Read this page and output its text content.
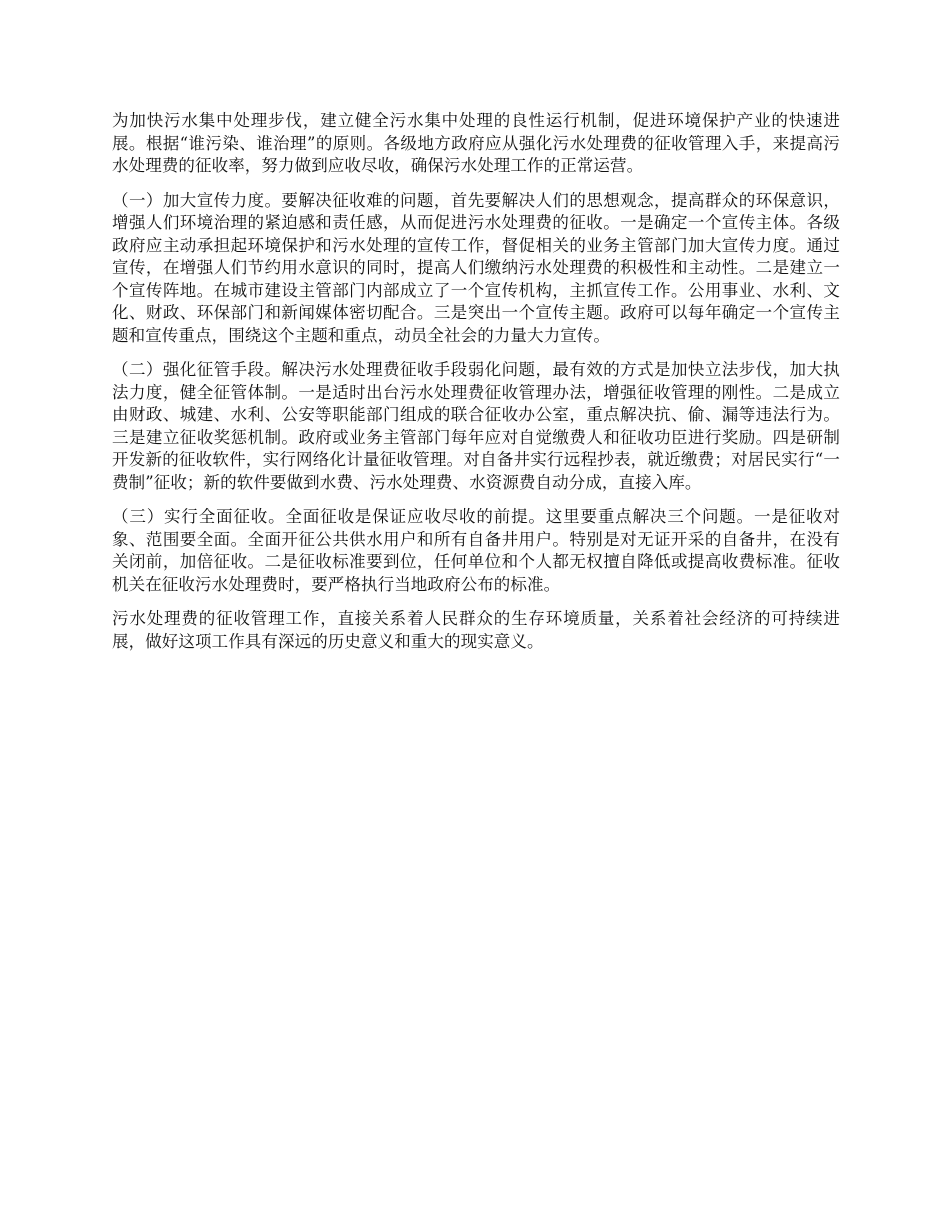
为加快污水集中处理步伐，建立健全污水集中处理的良性运行机制，促进环境保护产业的快速进展。根据“谁污染、谁治理”的原则。各级地方政府应从强化污水处理费的征收管理入手，来提高污水处理费的征收率，努力做到应收尽收，确保污水处理工作的正常运营。

（一）加大宣传力度。要解决征收难的问题，首先要解决人们的思想观念，提高群众的环保意识，增强人们环境治理的紧迫感和责任感，从而促进污水处理费的征收。一是确定一个宣传主体。各级政府应主动承担起环境保护和污水处理的宣传工作，督促相关的业务主管部门加大宣传力度。通过宣传，在增强人们节约用水意识的同时，提高人们缴纳污水处理费的积极性和主动性。二是建立一个宣传阵地。在城市建设主管部门内部成立了一个宣传机构，主抓宣传工作。公用事业、水利、文化、财政、环保部门和新闻媒体密切配合。三是突出一个宣传主题。政府可以每年确定一个宣传主题和宣传重点，围绕这个主题和重点，动员全社会的力量大力宣传。

（二）强化征管手段。解决污水处理费征收手段弱化问题，最有效的方式是加快立法步伐，加大执法力度，健全征管体制。一是适时出台污水处理费征收管理办法，增强征收管理的刚性。二是成立由财政、城建、水利、公安等职能部门组成的联合征收办公室，重点解决抗、偷、漏等违法行为。三是建立征收奖惩机制。政府或业务主管部门每年应对自觉缴费人和征收功臣进行奖励。四是研制开发新的征收软件，实行网络化计量征收管理。对自备井实行远程抄表，就近缴费；对居民实行“一费制”征收；新的软件要做到水费、污水处理费、水资源费自动分成，直接入库。

（三）实行全面征收。全面征收是保证应收尽收的前提。这里要重点解决三个问题。一是征收对象、范围要全面。全面开征公共供水用户和所有自备井用户。特别是对无证开采的自备井，在没有关闭前，加倍征收。二是征收标准要到位，任何单位和个人都无权擅自降低或提高收费标准。征收机关在征收污水处理费时，要严格执行当地政府公布的标准。

污水处理费的征收管理工作，直接关系着人民群众的生存环境质量，关系着社会经济的可持续进展，做好这项工作具有深远的历史意义和重大的现实意义。
